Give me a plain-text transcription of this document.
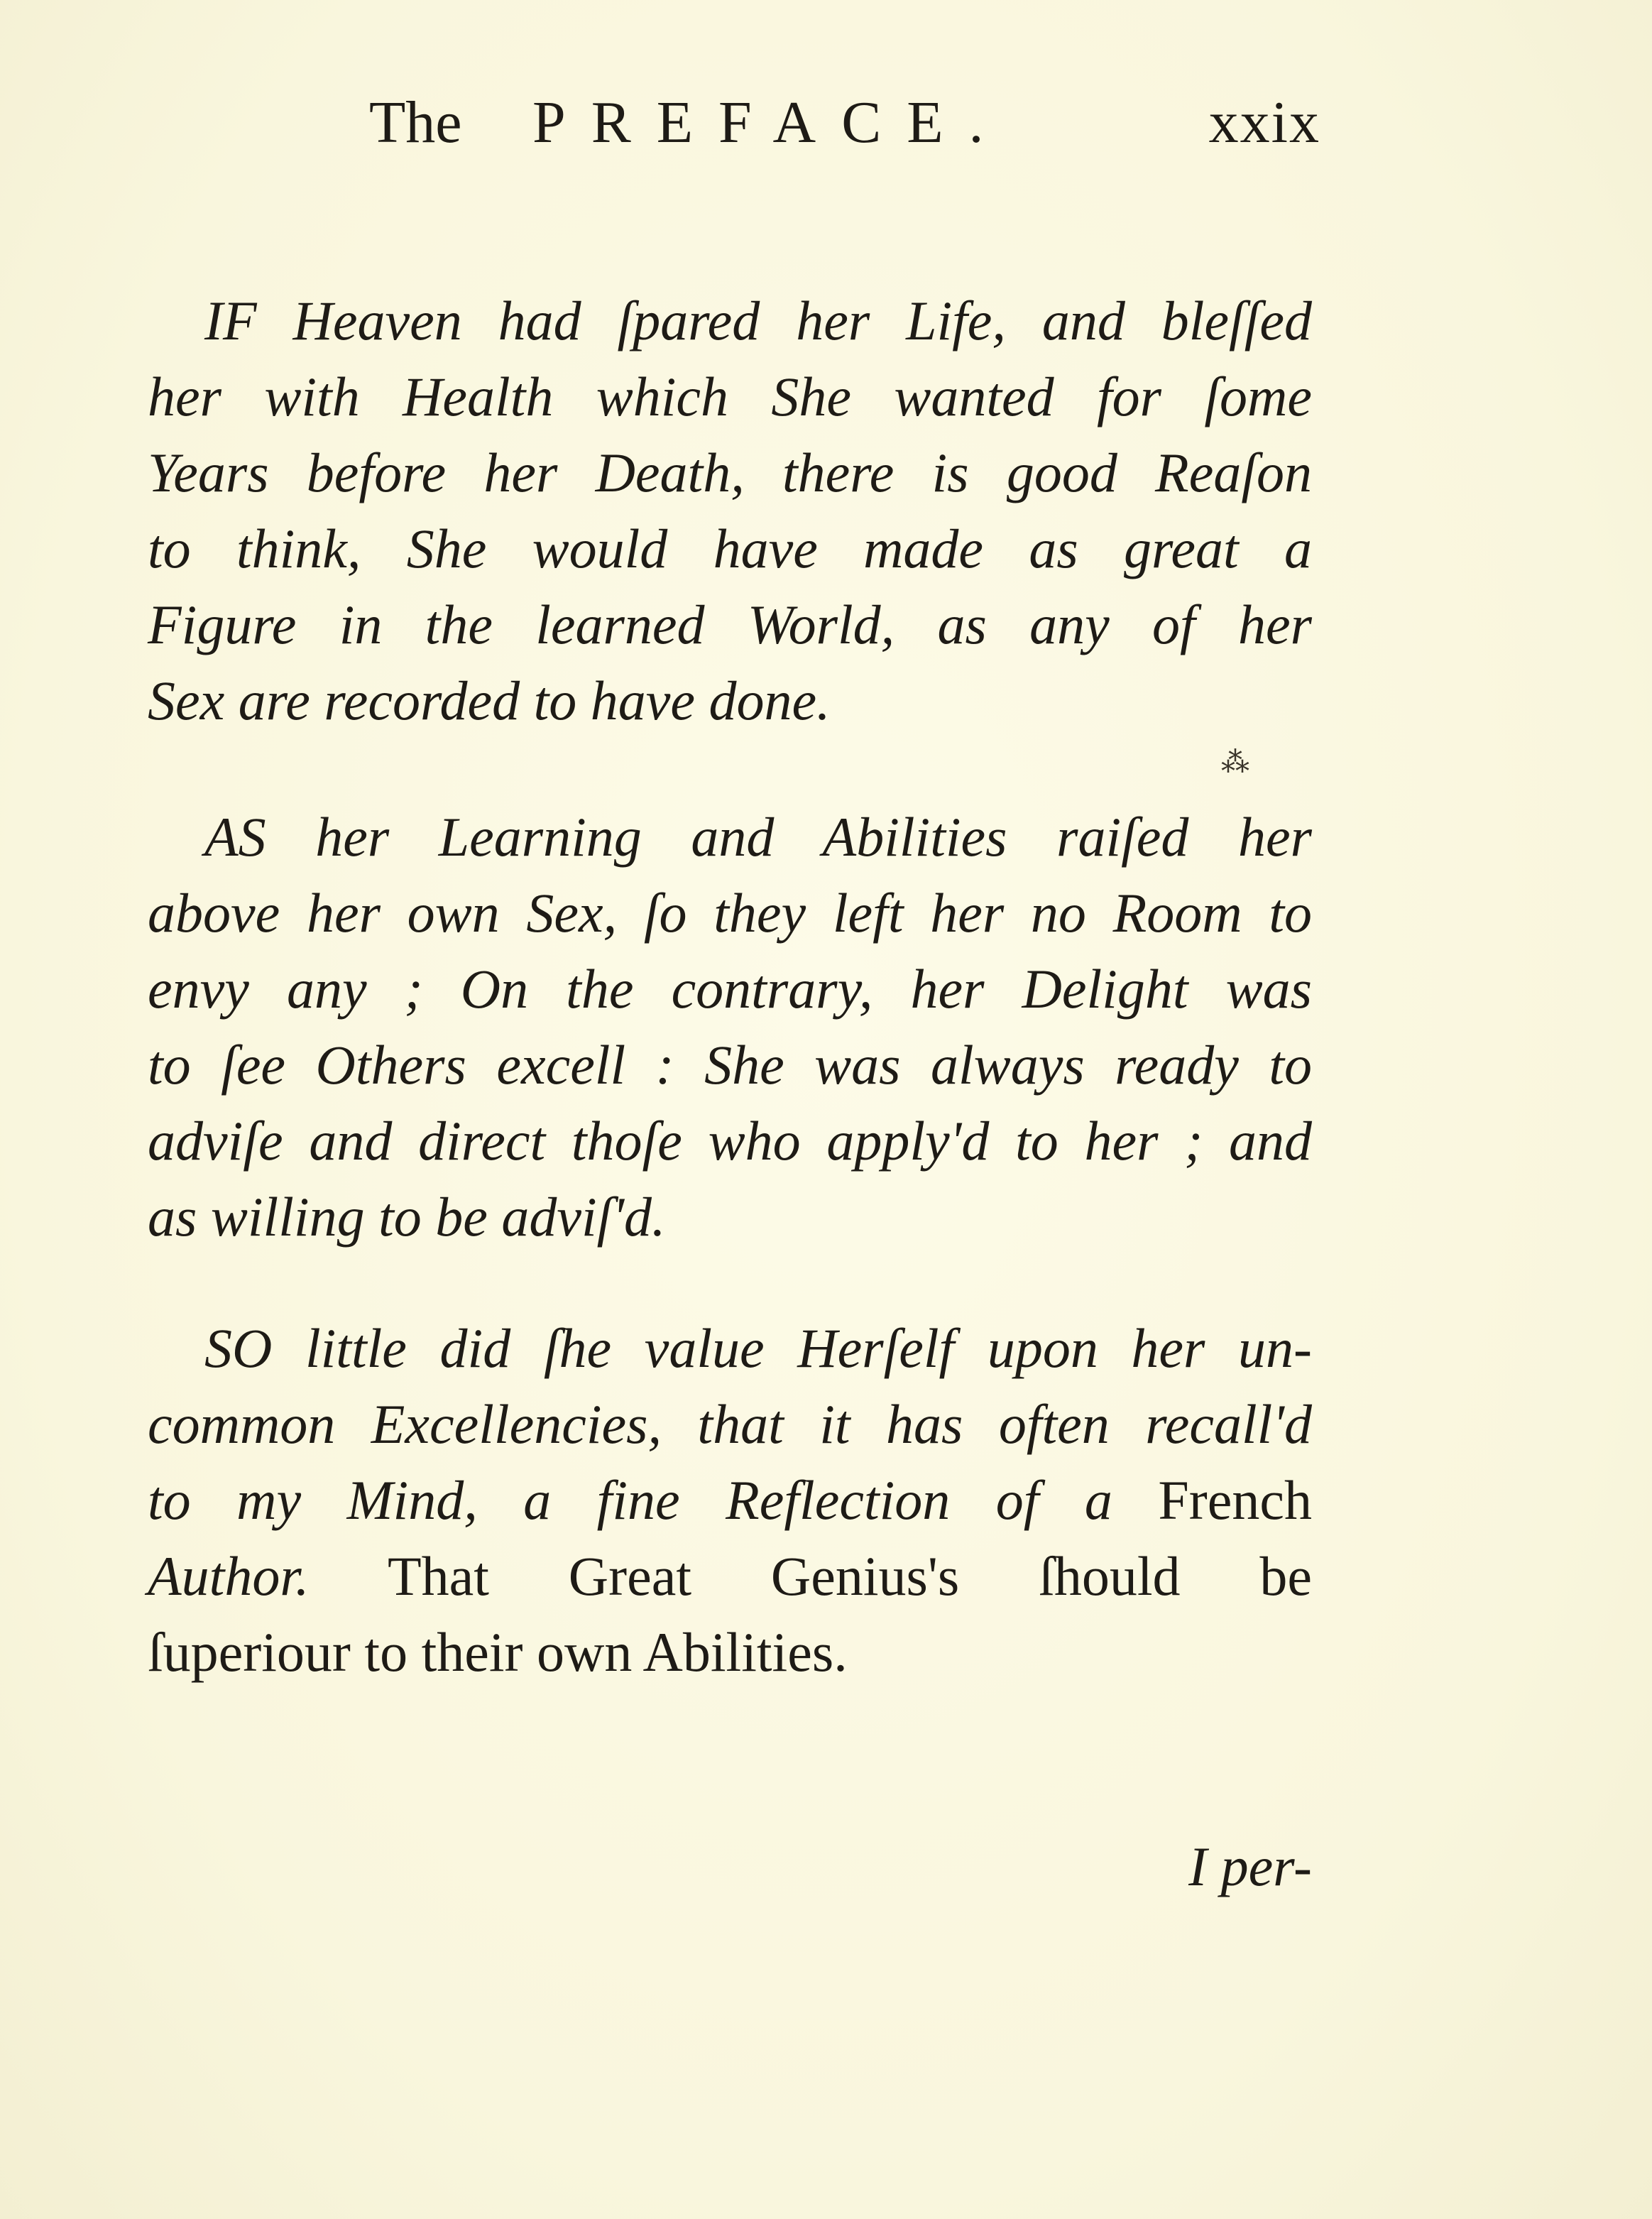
The PREFACE.	xxix
IF Heaven had ſpared her Life, and bleſſed
her with Health which She wanted for ſome
Years before her Death, there is good Reaſon
to think, She would have made as great a
Figure in the learned World, as any of her
Sex are recorded to have done.
⁂
AS her Learning and Abilities raiſed her
above her own Sex, ſo they left her no Room to
envy any ; On the contrary, her Delight was
to ſee Others excell : She was always ready to
adviſe and direct thoſe who apply'd to her ; and
as willing to be adviſ'd.
SO little did ſhe value Herſelf upon her un-
common Excellencies, that it has often recall'd
to my Mind, a fine Reflection of a French
Author. That Great Genius's ſhould be
ſuperiour to their own Abilities.
I per-
